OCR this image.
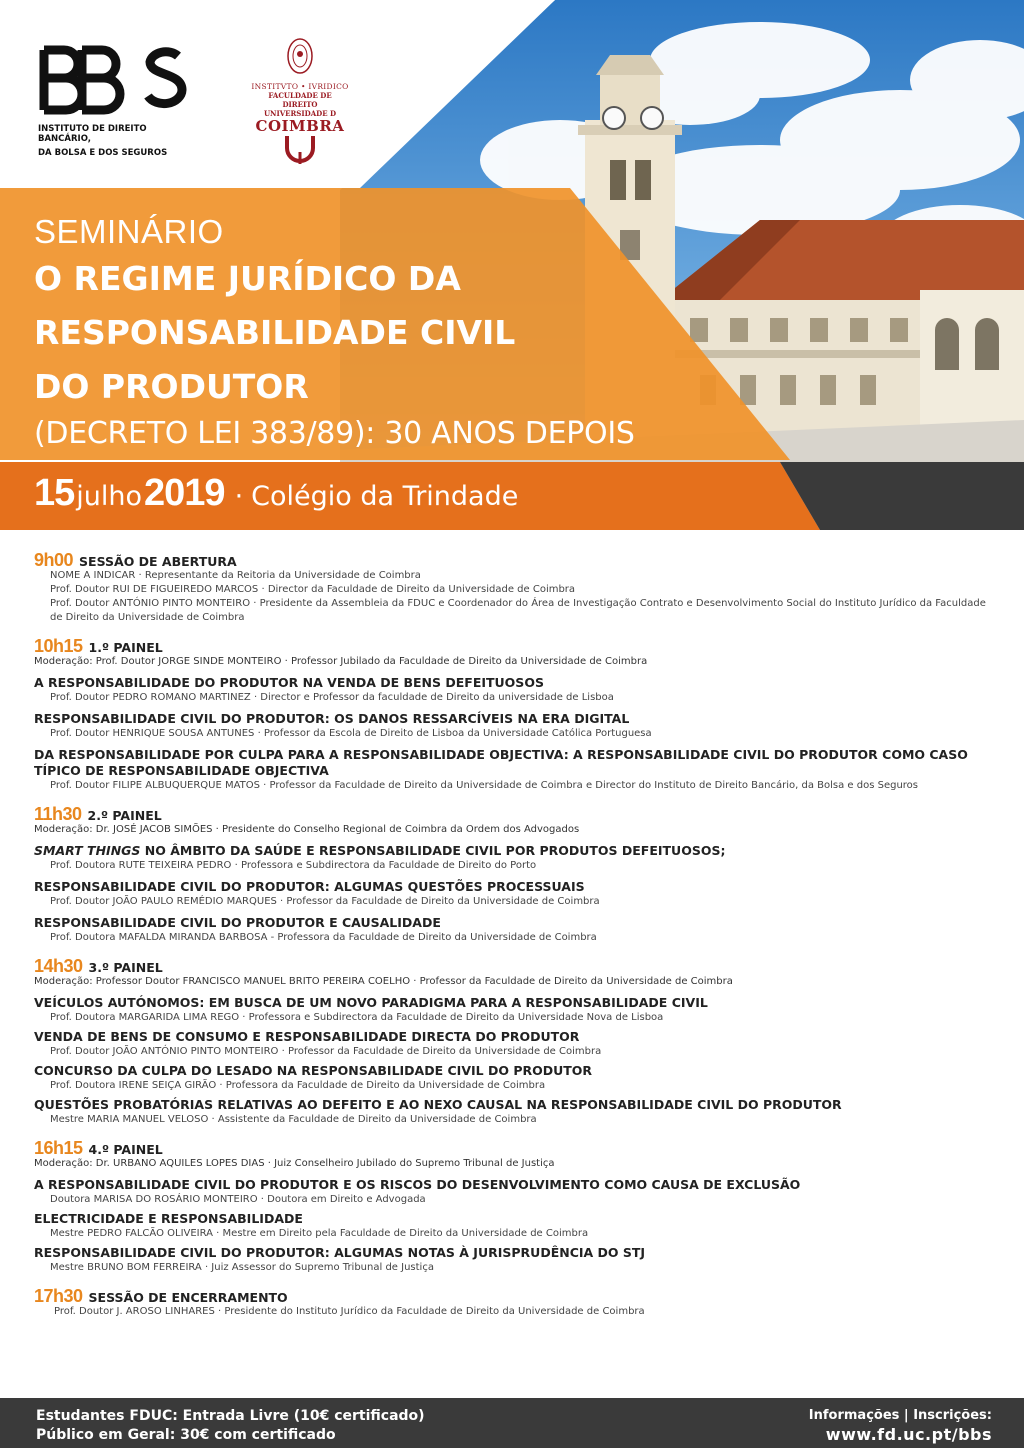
INSTITUTO DE DIREITO BANCÁRIO,
DA BOLSA E DOS SEGUROS
INSTITVTO • IVRIDICO
FACULDADE DE DIREITO
UNIVERSIDADE D
COIMBRA
SEMINÁRIO
O REGIME JURÍDICO DA
RESPONSABILIDADE CIVIL
DO PRODUTOR
(DECRETO LEI 383/89): 30 ANOS DEPOIS
15 julho 2019 · Colégio da Trindade
9h00 SESSÃO DE ABERTURA
NOME A INDICAR · Representante da Reitoria da Universidade de Coimbra
Prof. Doutor RUI DE FIGUEIREDO MARCOS · Director da Faculdade de Direito da Universidade de Coimbra
Prof. Doutor ANTÓNIO PINTO MONTEIRO · Presidente da Assembleia da FDUC e Coordenador do Área de Investigação Contrato e Desenvolvimento Social do Instituto Jurídico da Faculdade de Direito da Universidade de Coimbra
10h15 1.º PAINEL
Moderação: Prof. Doutor JORGE SINDE MONTEIRO · Professor Jubilado da Faculdade de Direito da Universidade de Coimbra
A RESPONSABILIDADE DO PRODUTOR NA VENDA DE BENS DEFEITUOSOS
Prof. Doutor PEDRO ROMANO MARTINEZ · Director e Professor da faculdade de Direito da universidade de Lisboa
RESPONSABILIDADE CIVIL DO PRODUTOR: OS DANOS RESSARCÍVEIS NA ERA DIGITAL
Prof. Doutor HENRIQUE SOUSA ANTUNES · Professor da Escola de Direito de Lisboa da Universidade Católica Portuguesa
DA RESPONSABILIDADE POR CULPA PARA A RESPONSABILIDADE OBJECTIVA: A RESPONSABILIDADE CIVIL DO PRODUTOR COMO CASO TÍPICO DE RESPONSABILIDADE OBJECTIVA
Prof. Doutor FILIPE ALBUQUERQUE MATOS · Professor da Faculdade de Direito da Universidade de Coimbra e Director do Instituto de Direito Bancário, da Bolsa e dos Seguros
11h30 2.º PAINEL
Moderação: Dr. JOSÉ JACOB SIMÕES · Presidente do Conselho Regional de Coimbra da Ordem dos Advogados
SMART THINGS NO ÂMBITO DA SAÚDE E RESPONSABILIDADE CIVIL POR PRODUTOS DEFEITUOSOS;
Prof. Doutora RUTE TEIXEIRA PEDRO · Professora e Subdirectora da Faculdade de Direito do Porto
RESPONSABILIDADE CIVIL DO PRODUTOR: ALGUMAS QUESTÕES PROCESSUAIS
Prof. Doutor JOÃO PAULO REMÉDIO MARQUES · Professor da Faculdade de Direito da Universidade de Coimbra
RESPONSABILIDADE CIVIL DO PRODUTOR E CAUSALIDADE
Prof. Doutora MAFALDA MIRANDA BARBOSA - Professora da Faculdade de Direito da Universidade de Coimbra
14h30 3.º PAINEL
Moderação: Professor Doutor FRANCISCO MANUEL BRITO PEREIRA COELHO · Professor da Faculdade de Direito da Universidade de Coimbra
VEÍCULOS AUTÓNOMOS: EM BUSCA DE UM NOVO PARADIGMA PARA A RESPONSABILIDADE CIVIL
Prof. Doutora MARGARIDA LIMA REGO · Professora e Subdirectora da Faculdade de Direito da Universidade Nova de Lisboa
VENDA DE BENS DE CONSUMO E RESPONSABILIDADE DIRECTA DO PRODUTOR
Prof. Doutor JOÃO ANTÓNIO PINTO MONTEIRO · Professor da Faculdade de Direito da Universidade de Coimbra
CONCURSO DA CULPA DO LESADO NA RESPONSABILIDADE CIVIL DO PRODUTOR
Prof. Doutora IRENE SEIÇA GIRÃO · Professora da Faculdade de Direito da Universidade de Coimbra
QUESTÕES PROBATÓRIAS RELATIVAS AO DEFEITO E AO NEXO CAUSAL NA RESPONSABILIDADE CIVIL DO PRODUTOR
Mestre MARIA MANUEL VELOSO · Assistente da Faculdade de Direito da Universidade de Coimbra
16h15 4.º PAINEL
Moderação: Dr. URBANO AQUILES LOPES DIAS · Juiz Conselheiro Jubilado do Supremo Tribunal de Justiça
A RESPONSABILIDADE CIVIL DO PRODUTOR E OS RISCOS DO DESENVOLVIMENTO COMO CAUSA DE EXCLUSÃO
Doutora MARISA DO ROSÁRIO MONTEIRO · Doutora em Direito e Advogada
ELECTRICIDADE E RESPONSABILIDADE
Mestre PEDRO FALCÃO OLIVEIRA · Mestre em Direito pela Faculdade de Direito da Universidade de Coimbra
RESPONSABILIDADE CIVIL DO PRODUTOR: ALGUMAS NOTAS À JURISPRUDÊNCIA DO STJ
Mestre BRUNO BOM FERREIRA · Juiz Assessor do Supremo Tribunal de Justiça
17h30 SESSÃO DE ENCERRAMENTO
Prof. Doutor J. AROSO LINHARES · Presidente do Instituto Jurídico da Faculdade de Direito da Universidade de Coimbra
Estudantes FDUC: Entrada Livre (10€ certificado)
Público em Geral: 30€ com certificado
Informações | Inscrições:
www.fd.uc.pt/bbs
